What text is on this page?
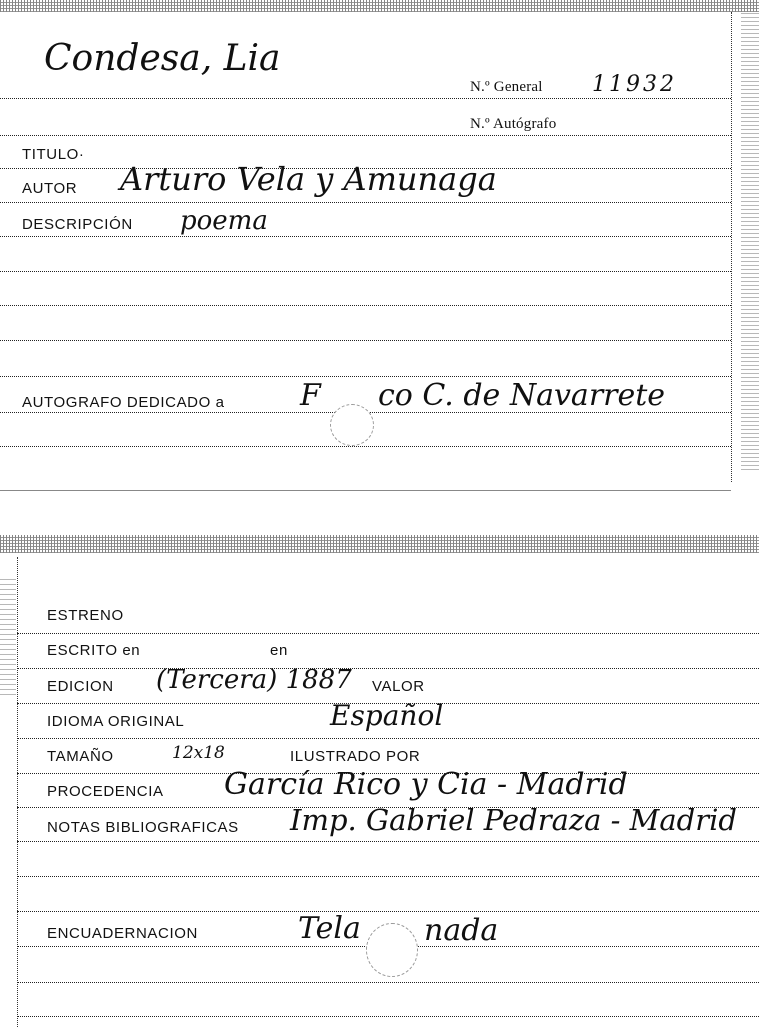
Condesa, Lia
N.º General 11932
N.º Autógrafo
TITULO·
AUTOR Arturo Vela y Amunaga
DESCRIPCIÓN poema
AUTOGRAFO DEDICADO a	F co C. de Navarrete
ESTRENO
ESCRITO en	en
EDICION (Tercera) 1887 VALOR
IDIOMA ORIGINAL	Español
TAMAÑO	12x18	ILUSTRADO POR
PROCEDENCIA García Rico y Cia - Madrid
NOTAS BIBLIOGRAFICAS Imp. Gabriel Pedraza - Madrid
ENCUADERNACION	Tela nada
